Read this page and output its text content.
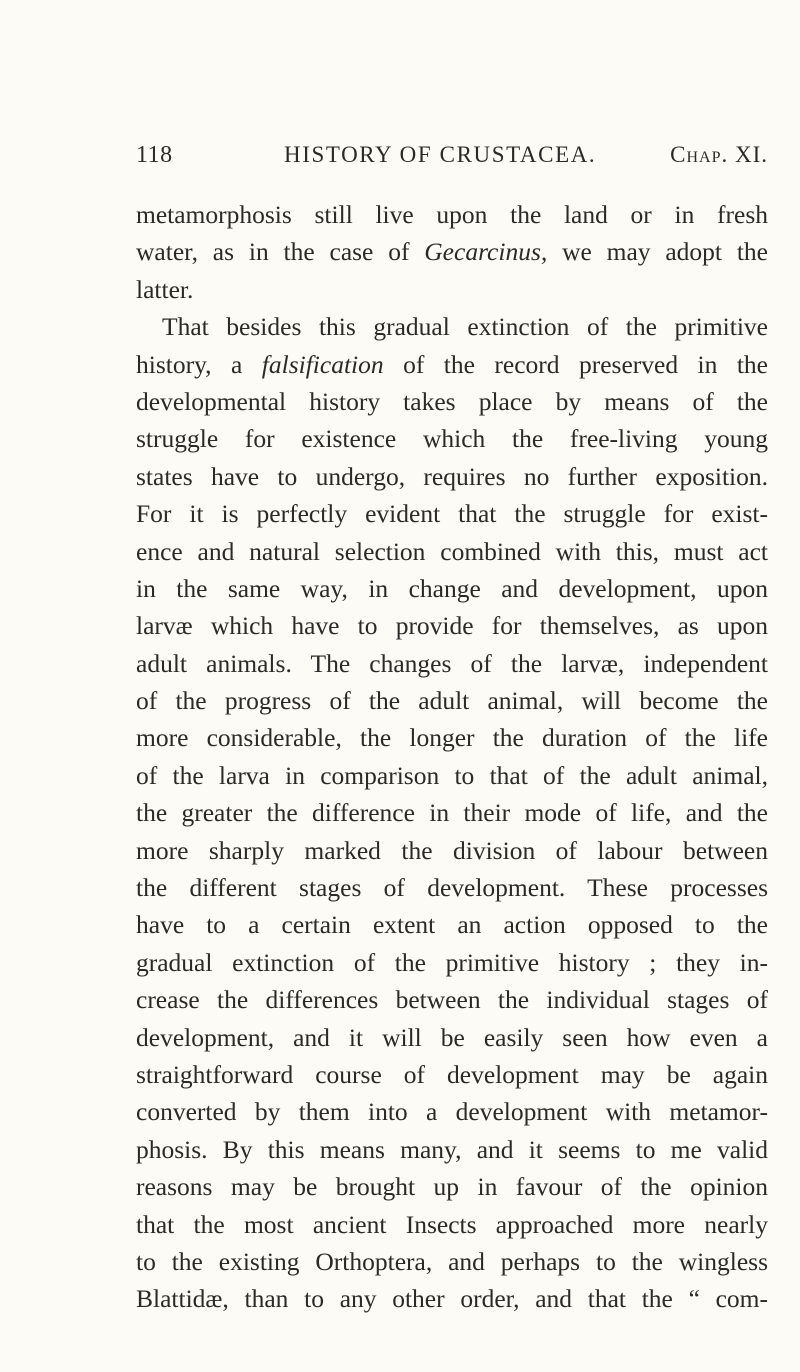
118	HISTORY OF CRUSTACEA.	Chap. XI.
metamorphosis still live upon the land or in fresh
water, as in the case of Gecarcinus, we may adopt the
latter.
That besides this gradual extinction of the primitive
history, a falsification of the record preserved in the
developmental history takes place by means of the
struggle for existence which the free-living young
states have to undergo, requires no further exposition.
For it is perfectly evident that the struggle for exist-
ence and natural selection combined with this, must act
in the same way, in change and development, upon
larvæ which have to provide for themselves, as upon
adult animals. The changes of the larvæ, independent
of the progress of the adult animal, will become the
more considerable, the longer the duration of the life
of the larva in comparison to that of the adult animal,
the greater the difference in their mode of life, and the
more sharply marked the division of labour between
the different stages of development. These processes
have to a certain extent an action opposed to the
gradual extinction of the primitive history ; they in-
crease the differences between the individual stages of
development, and it will be easily seen how even a
straightforward course of development may be again
converted by them into a development with metamor-
phosis. By this means many, and it seems to me valid
reasons may be brought up in favour of the opinion
that the most ancient Insects approached more nearly
to the existing Orthoptera, and perhaps to the wingless
Blattidæ, than to any other order, and that the “ com-
